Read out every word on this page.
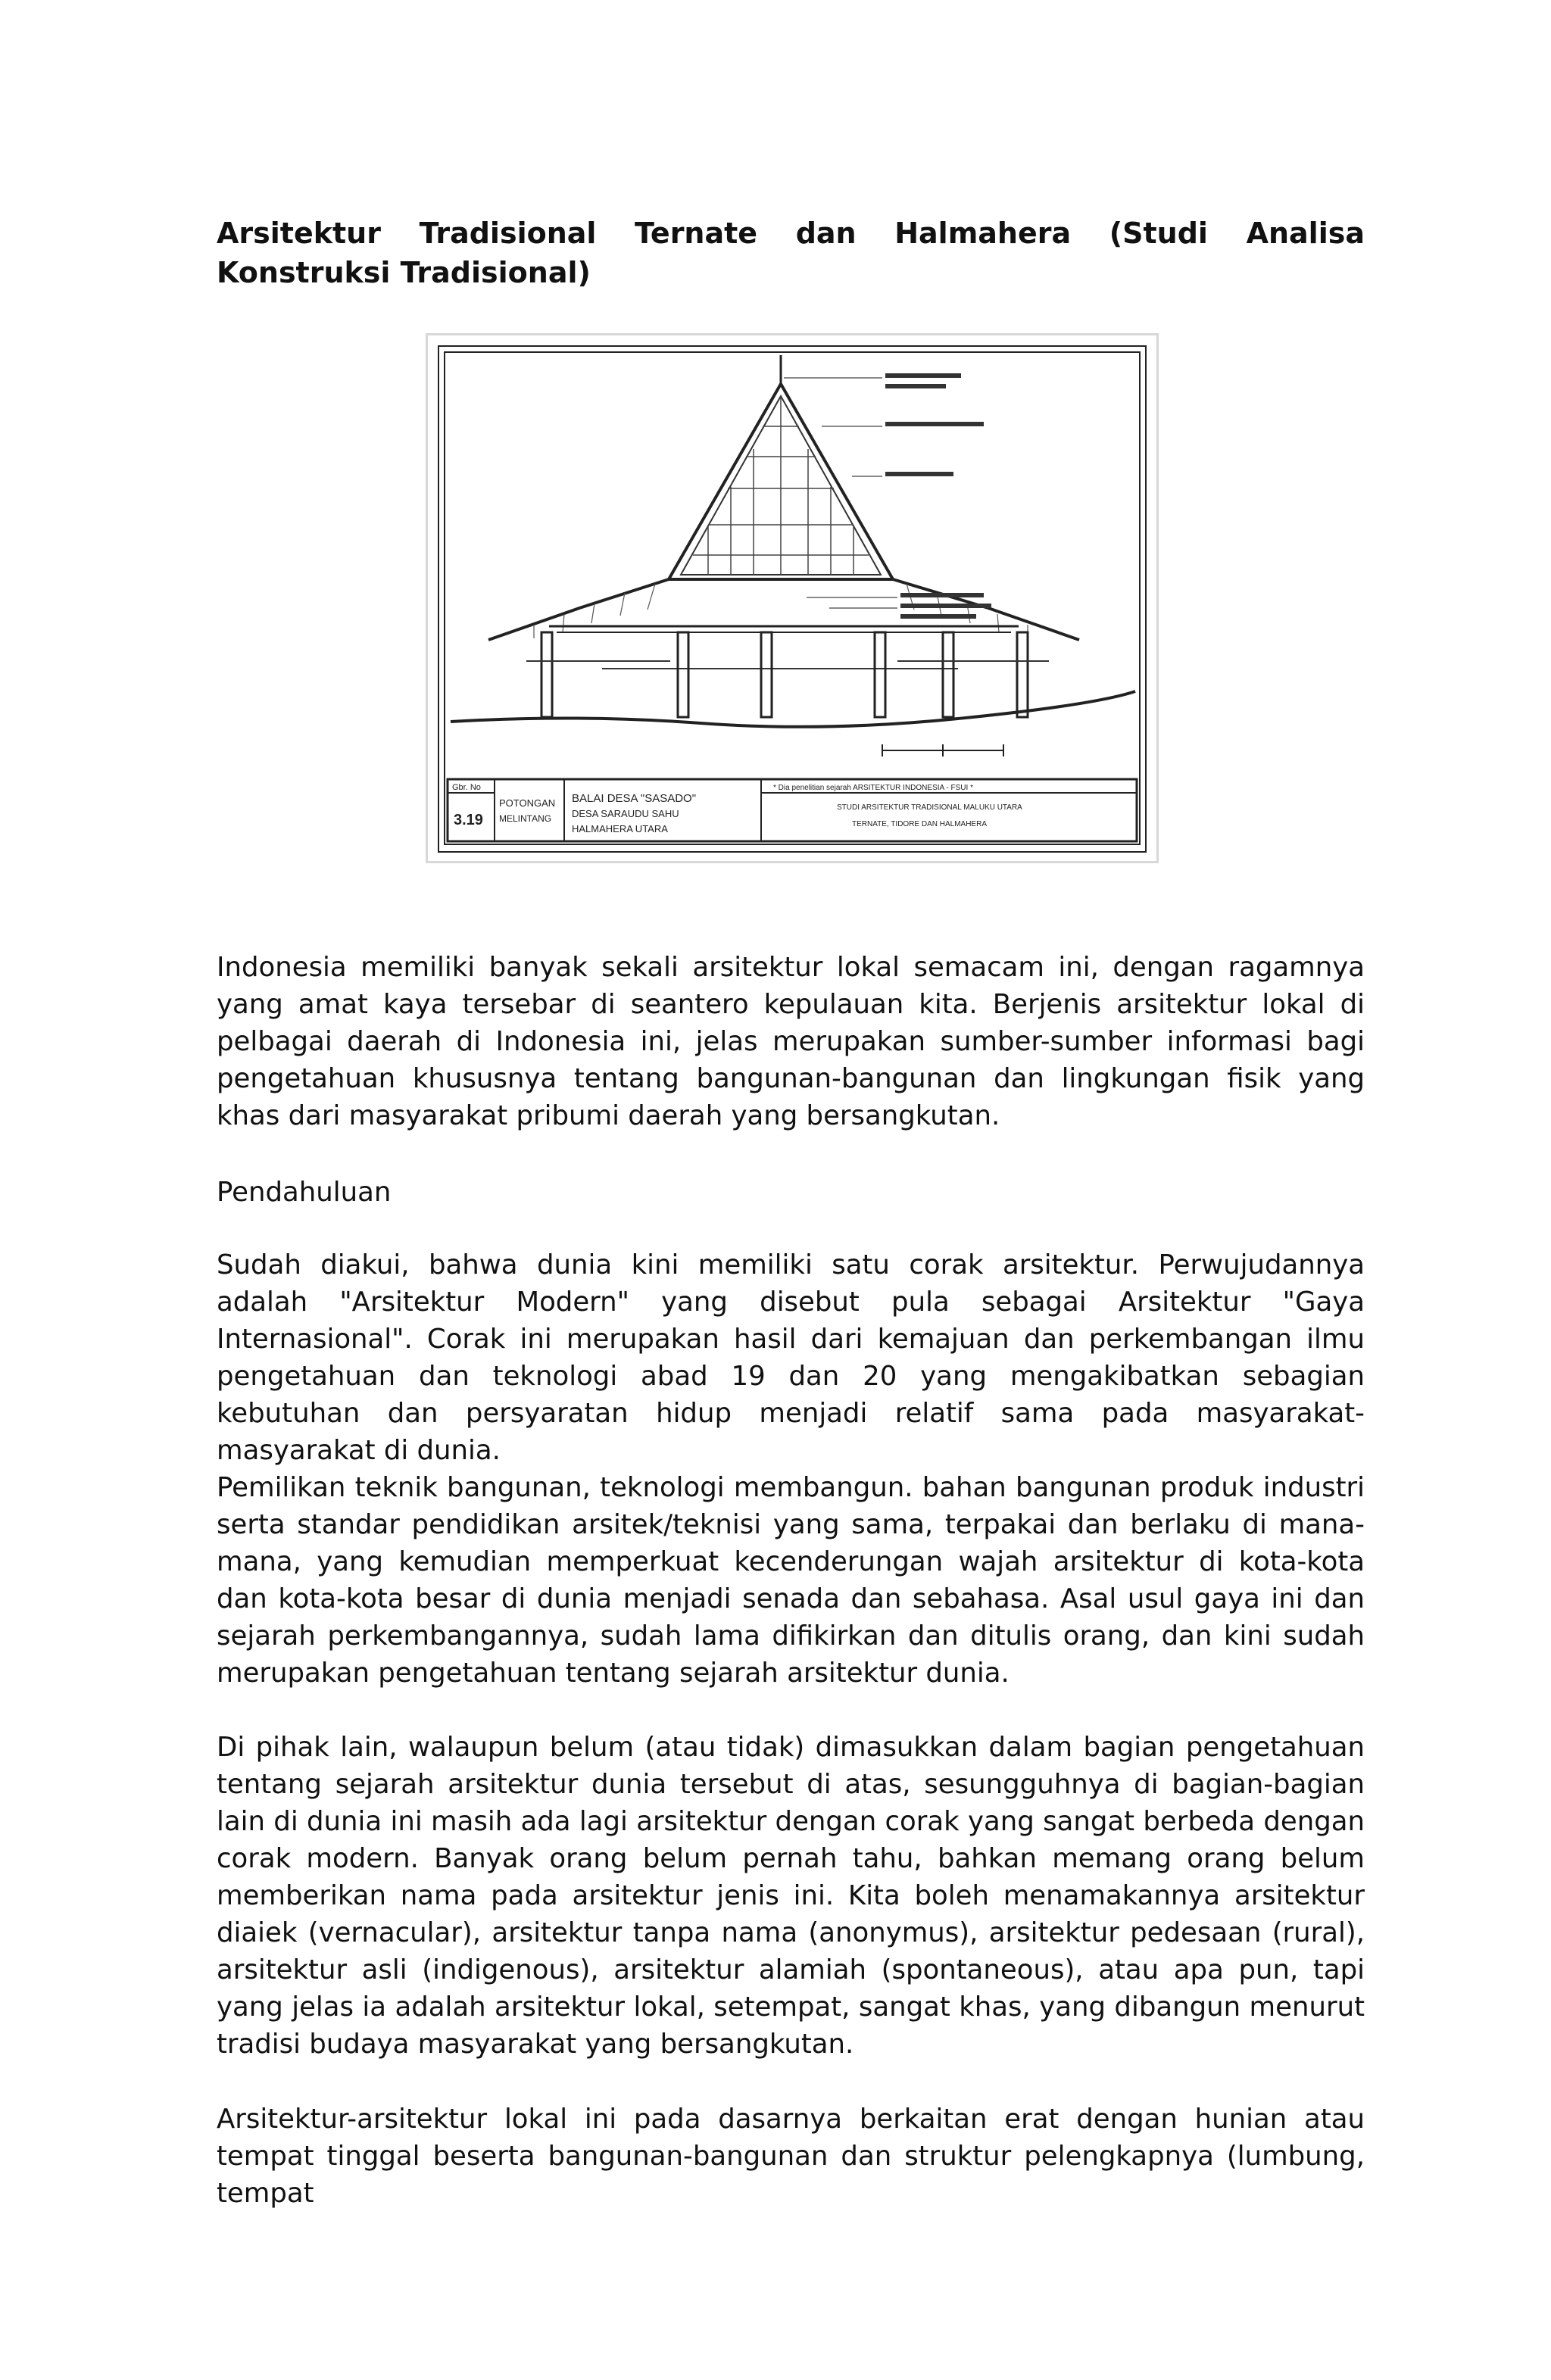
Arsitektur Tradisional Ternate dan Halmahera (Studi Analisa Konstruksi Tradisional)
Gbr. No
3.19
POTONGAN
MELINTANG
BALAI DESA "SASADO"
DESA SARAUDU SAHU
HALMAHERA UTARA
* Dia penelitian sejarah ARSITEKTUR INDONESIA - FSUI *
STUDI ARSITEKTUR TRADISIONAL MALUKU UTARA
TERNATE, TIDORE DAN HALMAHERA

Indonesia memiliki banyak sekali arsitektur lokal semacam ini, dengan ragamnya yang amat kaya tersebar di seantero kepulauan kita. Berjenis arsitektur lokal di pelbagai daerah di Indonesia ini, jelas merupakan sumber-sumber informasi bagi pengetahuan khususnya tentang bangunan-bangunan dan lingkungan fisik yang khas dari masyarakat pribumi daerah yang bersangkutan.

Pendahuluan

Sudah diakui, bahwa dunia kini memiliki satu corak arsitektur. Perwujudannya adalah "Arsitektur Modern" yang disebut pula sebagai Arsitektur "Gaya Internasional". Corak ini merupakan hasil dari kemajuan dan perkembangan ilmu pengetahuan dan teknologi abad 19 dan 20 yang mengakibatkan sebagian kebutuhan dan persyaratan hidup menjadi relatif sama pada masyarakat-masyarakat di dunia.

Pemilikan teknik bangunan, teknologi membangun. bahan bangunan produk industri serta standar pendidikan arsitek/teknisi yang sama, terpakai dan berlaku di mana-mana, yang kemudian memperkuat kecenderungan wajah arsitektur di kota-kota dan kota-kota besar di dunia menjadi senada dan sebahasa. Asal usul gaya ini dan sejarah perkembangannya, sudah lama difikirkan dan ditulis orang, dan kini sudah merupakan pengetahuan tentang sejarah arsitektur dunia.

Di pihak lain, walaupun belum (atau tidak) dimasukkan dalam bagian pengetahuan tentang sejarah arsitektur dunia tersebut di atas, sesungguhnya di bagian-bagian lain di dunia ini masih ada lagi arsitektur dengan corak yang sangat berbeda dengan corak modern. Banyak orang belum pernah tahu, bahkan memang orang belum memberikan nama pada arsitektur jenis ini. Kita boleh menamakannya arsitektur diaiek (vernacular), arsitektur tanpa nama (anonymus), arsitektur pedesaan (rural), arsitektur asli (indigenous), arsitektur alamiah (spontaneous), atau apa pun, tapi yang jelas ia adalah arsitektur lokal, setempat, sangat khas, yang dibangun menurut tradisi budaya masyarakat yang bersangkutan.

Arsitektur-arsitektur lokal ini pada dasarnya berkaitan erat dengan hunian atau tempat tinggal beserta bangunan-bangunan dan struktur pelengkapnya (lumbung, tempat
